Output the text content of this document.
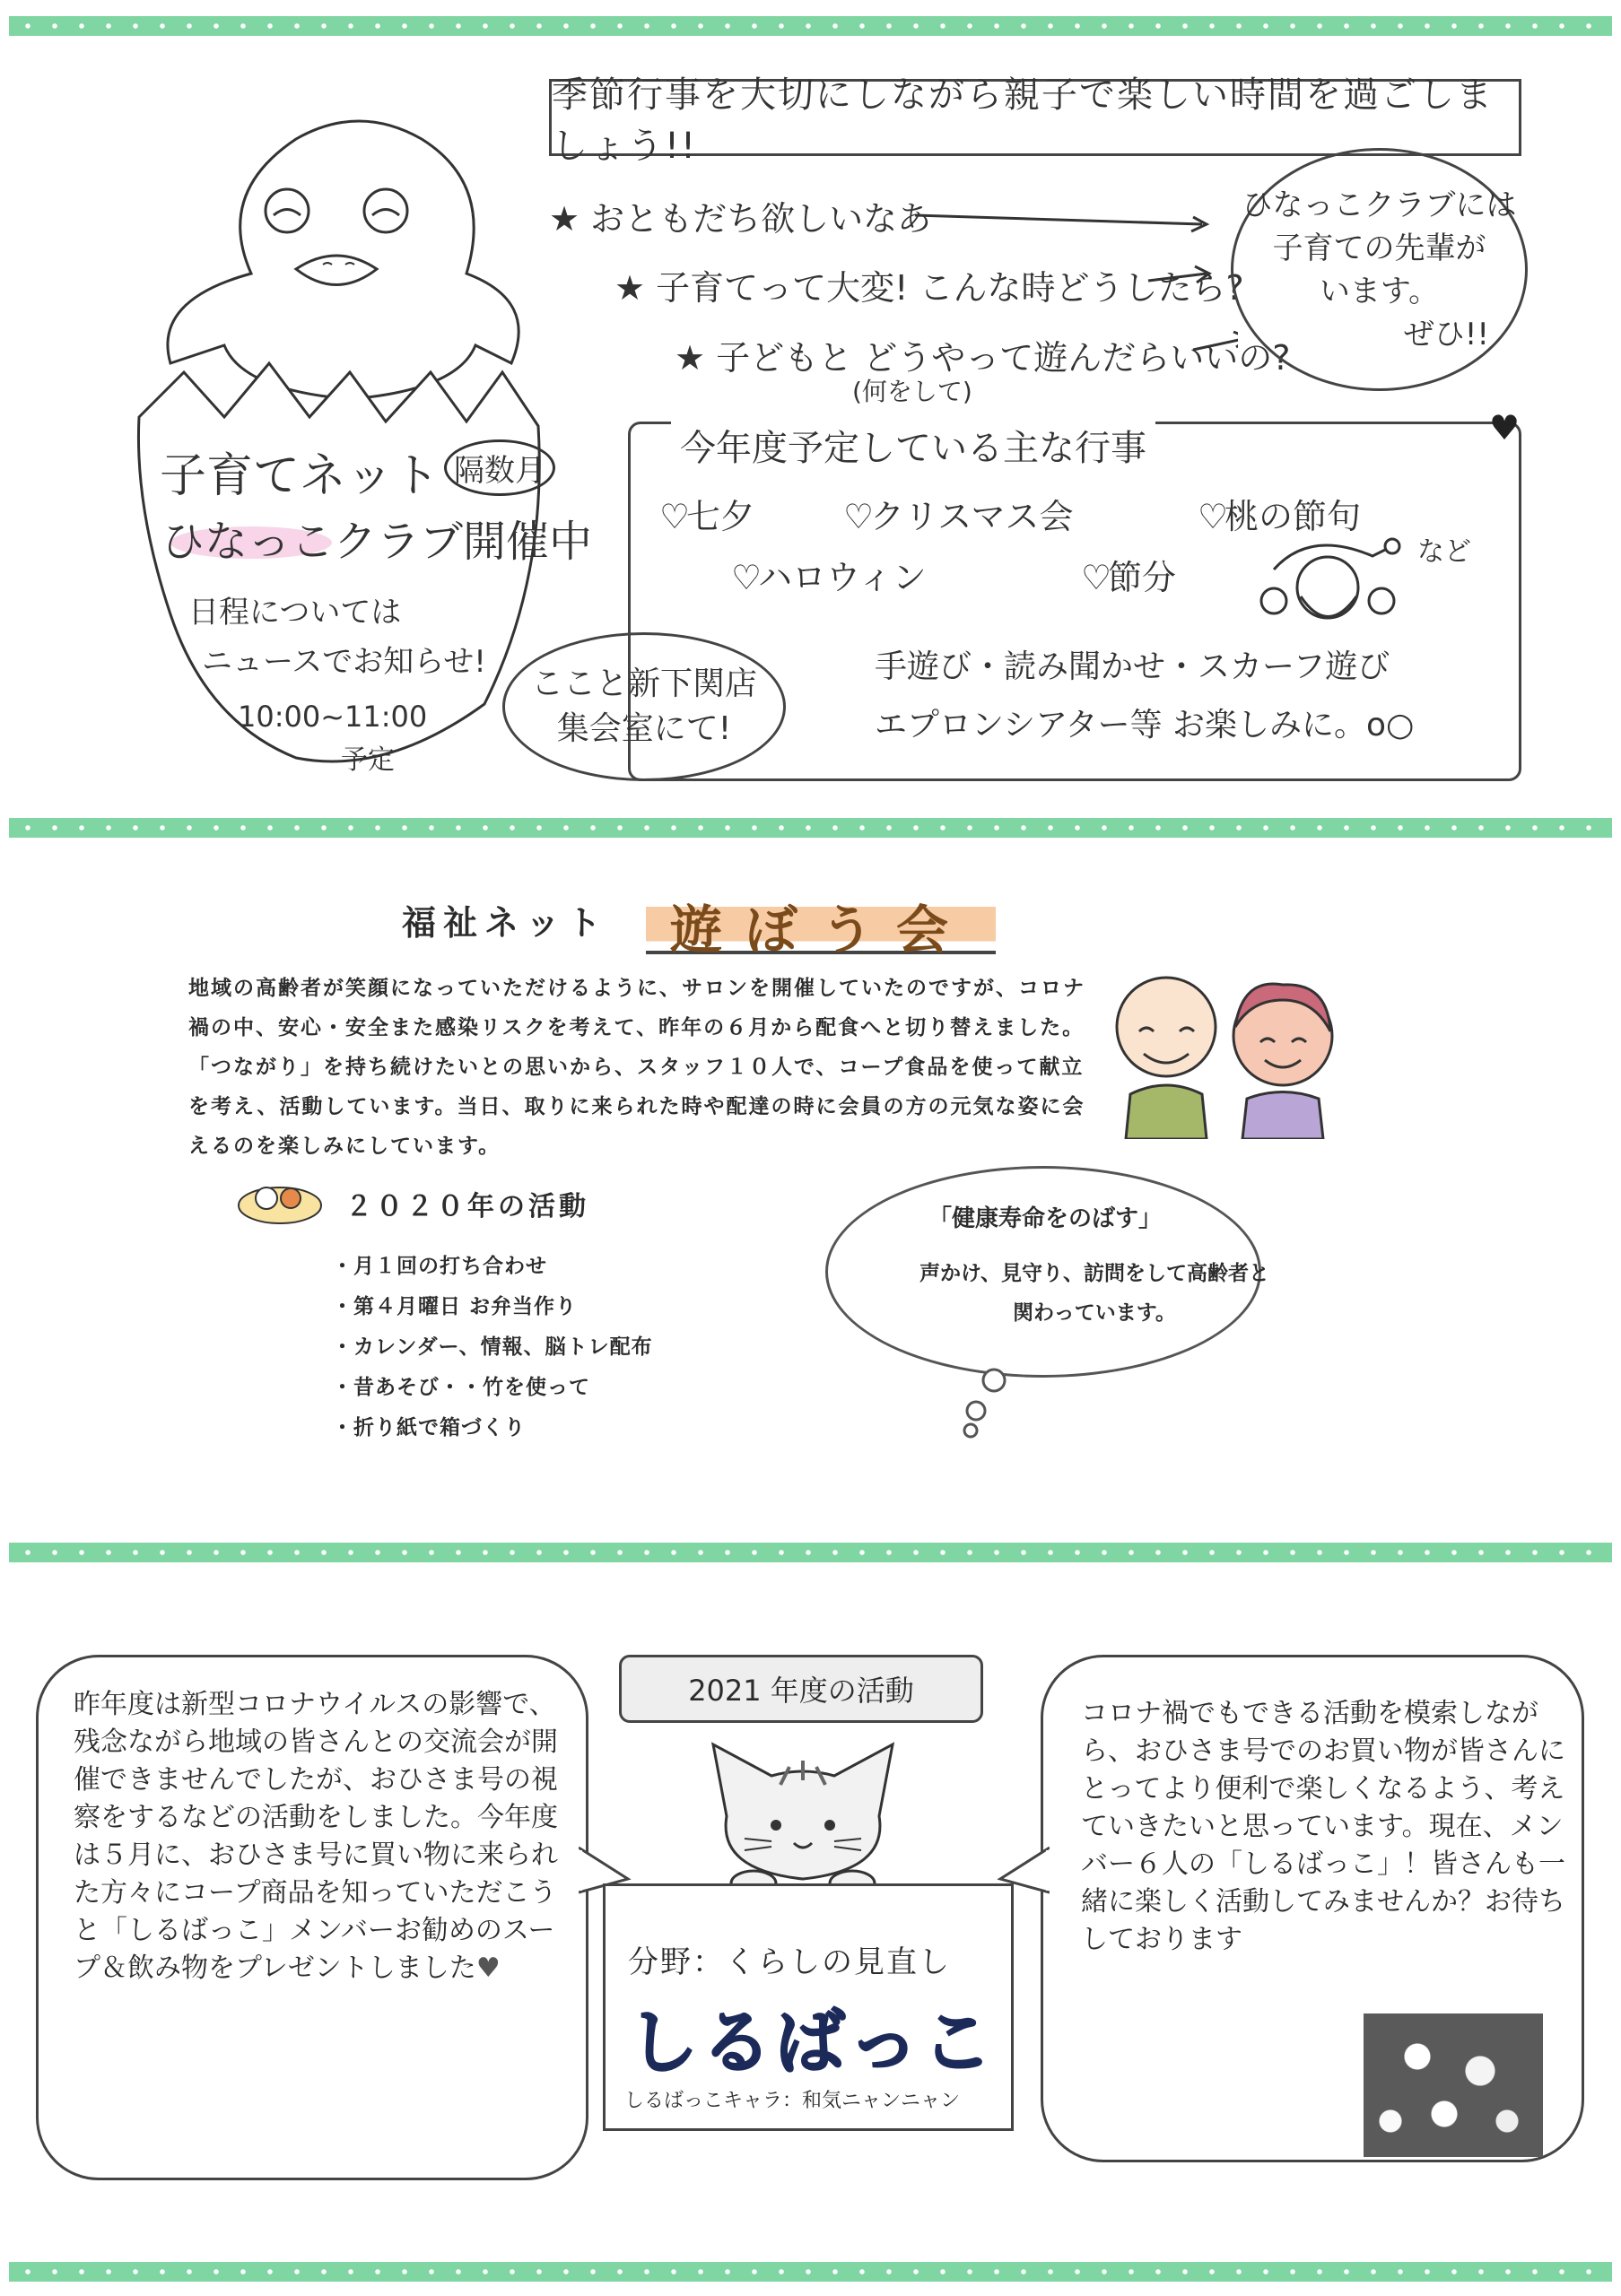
季節行事を大切にしながら親子で楽しい時間を過ごしましょう!!
子育てネット 隔数月
ひなっこクラブ開催中
日程については
ニュースでお知らせ!
10:00~11:00
予定
★ おともだち欲しいなあ
★ 子育てって大変! こんな時どうしたら?
★ 子どもと どうやって遊んだらいいの?
(何をして)
ひなっこクラブには
子育ての先輩が
います。
ぜひ!!
♥
今年度予定している主な行事
♡七夕	♡クリスマス会	♡桃の節句
♡ハロウィン	♡節分
など
手遊び・読み聞かせ・スカーフ遊び
エプロンシアター等 お楽しみに。o○
ここと新下関店
集会室にて!
福祉ネット	遊ぼう会
地域の高齢者が笑顔になっていただけるように、サロンを開催していたのですが、コロナ禍の中、安心・安全また感染リスクを考えて、昨年の６月から配食へと切り替えました。「つながり」を持ち続けたいとの思いから、スタッフ１０人で、コープ食品を使って献立を考え、活動しています。当日、取りに来られた時や配達の時に会員の方の元気な姿に会えるのを楽しみにしています。
２０２０年の活動
・月１回の打ち合わせ
・第４月曜日 お弁当作り
・カレンダー、情報、脳トレ配布
・昔あそび・・竹を使って
・折り紙で箱づくり
「健康寿命をのばす」
声かけ、見守り、訪問をして高齢者と関わっています。
昨年度は新型コロナウイルスの影響で、残念ながら地域の皆さんとの交流会が開催できませんでしたが、おひさま号の視察をするなどの活動をしました。今年度は５月に、おひさま号に買い物に来られた方々にコープ商品を知っていただこうと「しるばっこ」メンバーお勧めのスープ＆飲み物をプレゼントしました♥
コロナ禍でもできる活動を模索しながら、おひさま号でのお買い物が皆さんにとってより便利で楽しくなるよう、考えていきたいと思っています。現在、メンバー６人の「しるばっこ」！皆さんも一緒に楽しく活動してみませんか？お待ちしております
2021 年度の活動
分野：くらしの見直し
しるばっこ
しるばっこキャラ：和気ニャンニャン
